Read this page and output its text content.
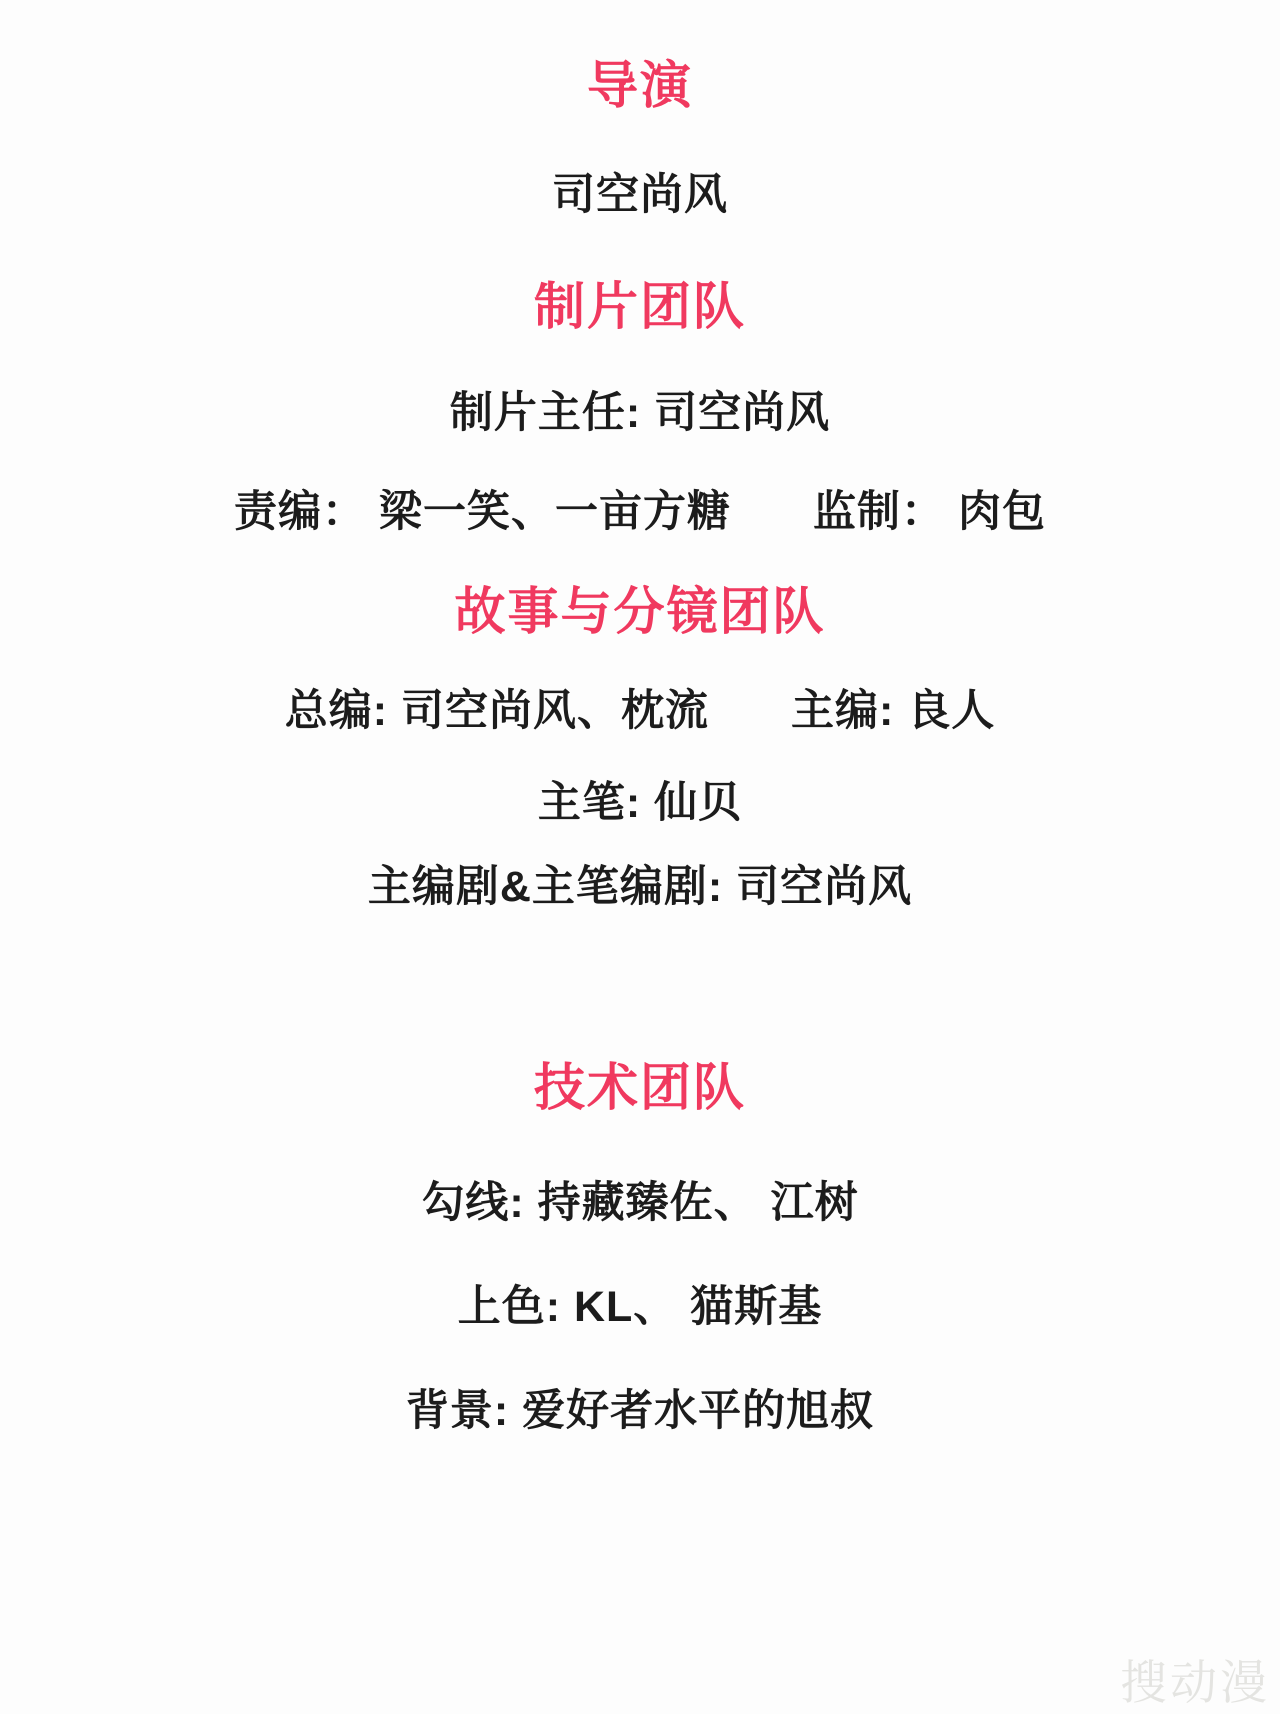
导演
司空尚风
制片团队
制片主任: 司空尚风
责编： 梁一笑、一亩方糖 监制： 肉包
故事与分镜团队
总编: 司空尚风、枕流 主编: 良人
主笔: 仙贝
主编剧&主笔编剧: 司空尚风
技术团队
勾线: 持藏臻佐、 江树
上色: KL、 猫斯基
背景: 爱好者水平的旭叔
搜动漫
